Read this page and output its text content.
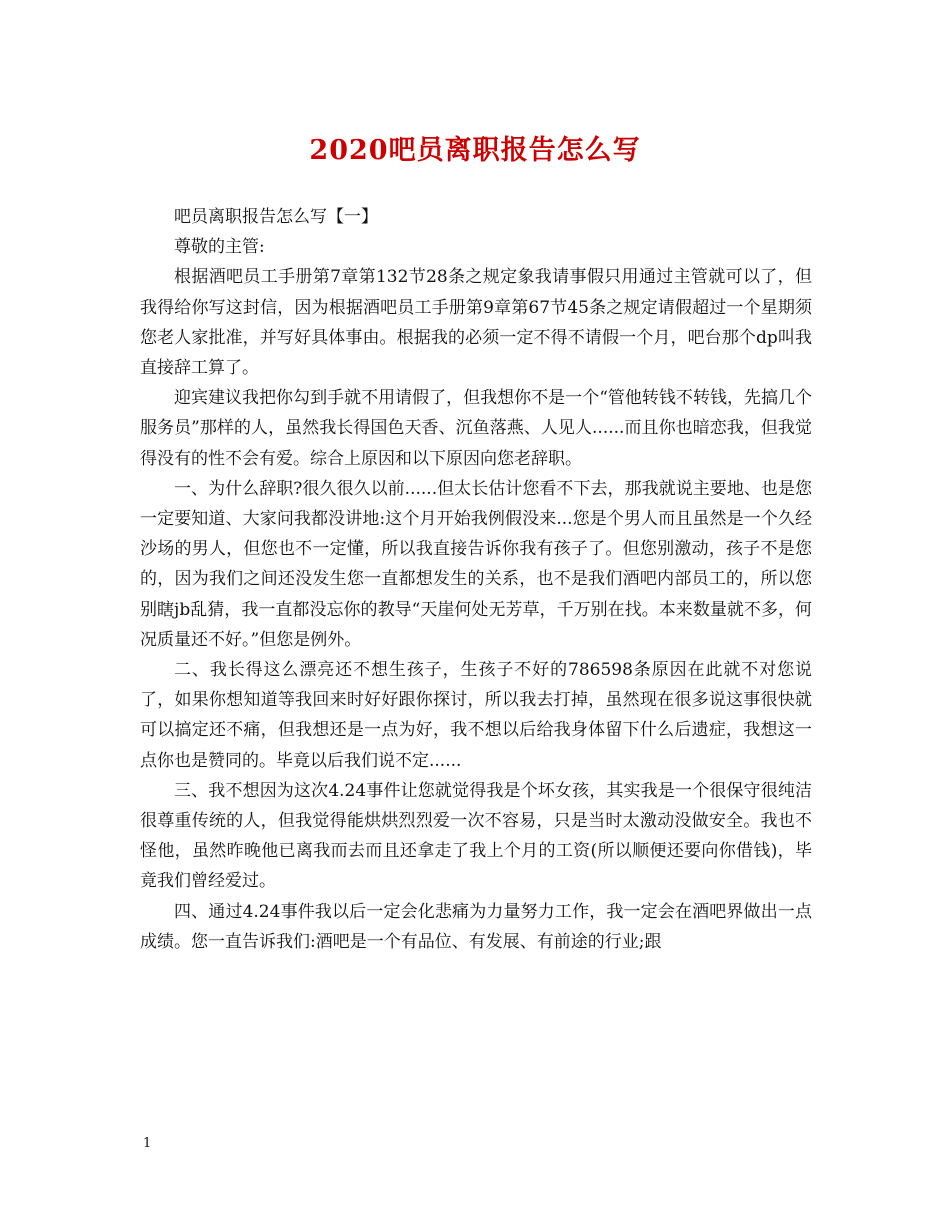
2020吧员离职报告怎么写

吧员离职报告怎么写【一】

尊敬的主管:

根据酒吧员工手册第7章第132节28条之规定象我请事假只用通过主管就可以了，但我得给你写这封信，因为根据酒吧员工手册第9章第67节45条之规定请假超过一个星期须您老人家批准，并写好具体事由。根据我的必须一定不得不请假一个月，吧台那个dp叫我直接辞工算了。

迎宾建议我把你勾到手就不用请假了，但我想你不是一个“管他转钱不转钱，先搞几个服务员”那样的人，虽然我长得国色天香、沉鱼落燕、人见人......而且你也暗恋我，但我觉得没有的性不会有爱。综合上原因和以下原因向您老辞职。

一、为什么辞职?很久很久以前......但太长估计您看不下去，那我就说主要地、也是您一定要知道、大家问我都没讲地:这个月开始我例假没来...您是个男人而且虽然是一个久经沙场的男人，但您也不一定懂，所以我直接告诉你我有孩子了。但您别激动，孩子不是您的，因为我们之间还没发生您一直都想发生的关系，也不是我们酒吧内部员工的，所以您别瞎jb乱猜，我一直都没忘你的教导“天崖何处无芳草，千万别在找。本来数量就不多，何况质量还不好。”但您是例外。

二、我长得这么漂亮还不想生孩子，生孩子不好的786598条原因在此就不对您说了，如果你想知道等我回来时好好跟你探讨，所以我去打掉，虽然现在很多说这事很快就可以搞定还不痛，但我想还是一点为好，我不想以后给我身体留下什么后遗症，我想这一点你也是赞同的。毕竟以后我们说不定......

三、我不想因为这次4.24事件让您就觉得我是个坏女孩，其实我是一个很保守很纯洁很尊重传统的人，但我觉得能烘烘烈烈爱一次不容易，只是当时太激动没做安全。我也不怪他，虽然昨晚他已离我而去而且还拿走了我上个月的工资(所以顺便还要向你借钱)，毕竟我们曾经爱过。

四、通过4.24事件我以后一定会化悲痛为力量努力工作，我一定会在酒吧界做出一点成绩。您一直告诉我们:酒吧是一个有品位、有发展、有前途的行业;跟

1
